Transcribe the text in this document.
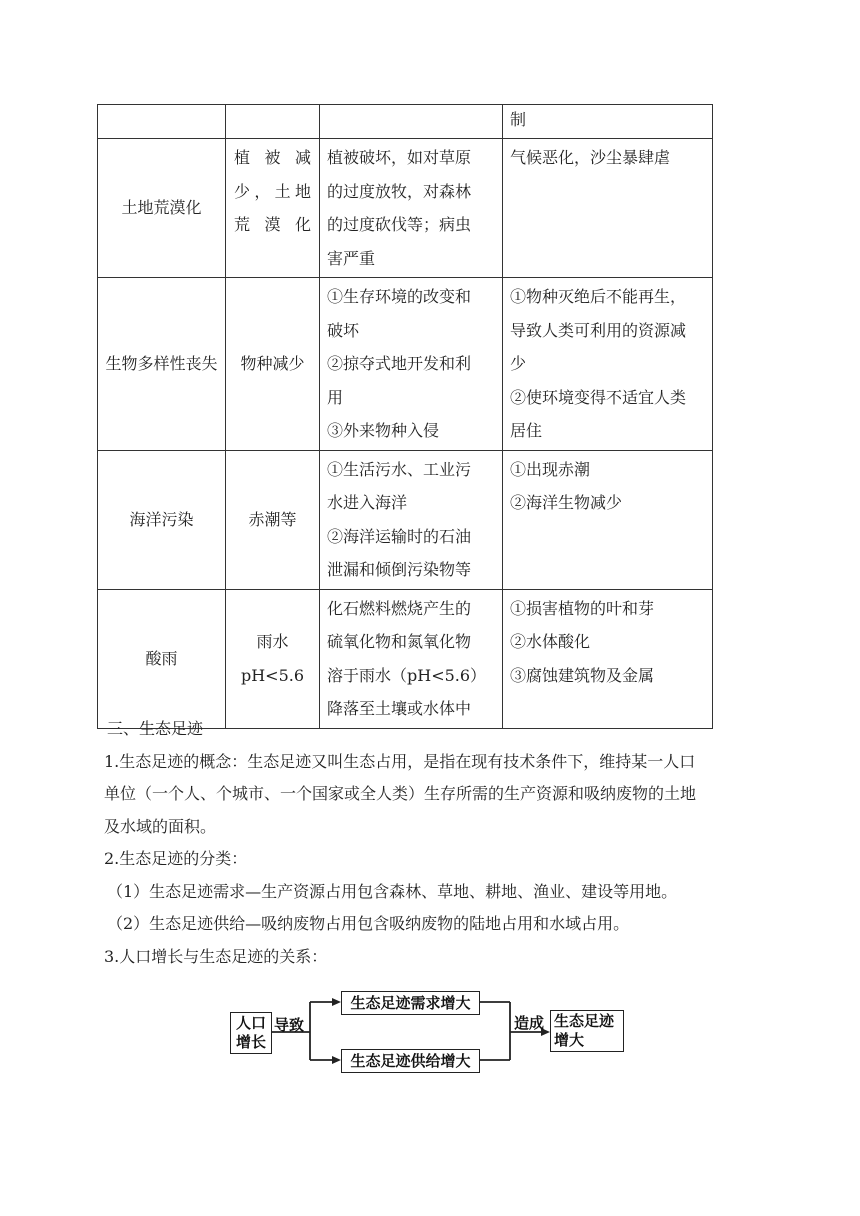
			制
土地荒漠化	植被减少，土地荒漠化	植被破坏，如对草原
的过度放牧，对森林
的过度砍伐等；病虫
害严重	气候恶化，沙尘暴肆虐

生物多样性丧失	物种减少	①生存环境的改变和
破坏
②掠夺式地开发和利
用
③外来物种入侵	①物种灭绝后不能再生，
导致人类可利用的资源减
少
②使环境变得不适宜人类
居住

海洋污染	赤潮等	①生活污水、工业污
水进入海洋
②海洋运输时的石油
泄漏和倾倒污染物等	①出现赤潮
②海洋生物减少

酸雨	雨水
pH<5.6	化石燃料燃烧产生的
硫氧化物和氮氧化物
溶于雨水（pH<5.6）
降落至土壤或水体中	①损害植物的叶和芽
②水体酸化
③腐蚀建筑物及金属
三、生态足迹
1.生态足迹的概念：生态足迹又叫生态占用，是指在现有技术条件下，维持某一人口
单位（一个人、个城市、一个国家或全人类）生存所需的生产资源和吸纳废物的土地
及水域的面积。
2.生态足迹的分类：
（1）生态足迹需求—生产资源占用包含森林、草地、耕地、渔业、建设等用地。
（2）生态足迹供给—吸纳废物占用包含吸纳废物的陆地占用和水域占用。
3.人口增长与生态足迹的关系：
人口
增长
导致
生态足迹需求增大
生态足迹供给增大
造成 生态足迹
增大
